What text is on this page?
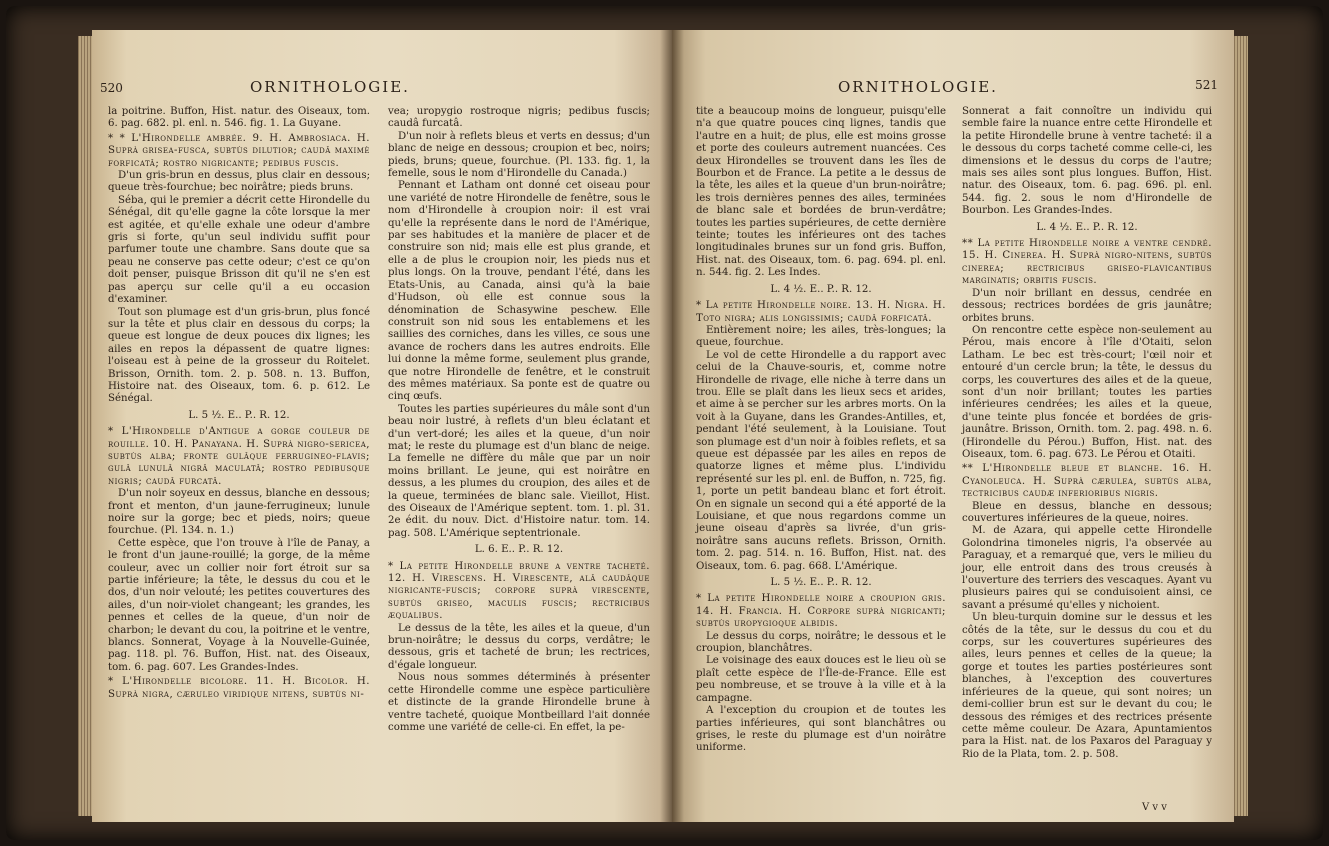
520	ORNITHOLOGIE.

la poitrine. Buffon, Hist. natur. des Oiseaux, tom. 6. pag. 682. pl. enl. n. 546. fig. 1. La Guyane.

* * L'Hirondelle ambrée. 9. H. Ambrosiaca. H. Suprà grisea-fusca, subtùs dilutior; caudâ maximè forficatâ; rostro nigricante; pedibus fuscis.

D'un gris-brun en dessus, plus clair en dessous; queue très-fourchue; bec noirâtre; pieds bruns.

Séba, qui le premier a décrit cette Hirondelle du Sénégal, dit qu'elle gagne la côte lorsque la mer est agitée, et qu'elle exhale une odeur d'ambre gris si forte, qu'un seul individu suffit pour parfumer toute une chambre. Sans doute que sa peau ne conserve pas cette odeur; c'est ce qu'on doit penser, puisque Brisson dit qu'il ne s'en est pas aperçu sur celle qu'il a eu occasion d'examiner.

Tout son plumage est d'un gris-brun, plus foncé sur la tête et plus clair en dessous du corps; la queue est longue de deux pouces dix lignes; les ailes en repos la dépassent de quatre lignes: l'oiseau est à peine de la grosseur du Roitelet. Brisson, Ornith. tom. 2. p. 508. n. 13. Buffon, Histoire nat. des Oiseaux, tom. 6. p. 612. Le Sénégal.

L. 5 ½. E.. P.. R. 12.

* L'Hirondelle d'Antigue a gorge couleur de rouille. 10. H. Panayana. H. Suprà nigro-sericea, subtùs alba; fronte gulâque ferrugineo-flavis; gulâ lunulâ nigrâ maculatâ; rostro pedibusque nigris; caudâ furcatâ.

D'un noir soyeux en dessus, blanche en dessous; front et menton, d'un jaune-ferrugineux; lunule noire sur la gorge; bec et pieds, noirs; queue fourchue. (Pl. 134. n. 1.)

Cette espèce, que l'on trouve à l'île de Panay, a le front d'un jaune-rouillé; la gorge, de la même couleur, avec un collier noir fort étroit sur sa partie inférieure; la tête, le dessus du cou et le dos, d'un noir velouté; les petites couvertures des ailes, d'un noir-violet changeant; les grandes, les pennes et celles de la queue, d'un noir de charbon; le devant du cou, la poitrine et le ventre, blancs. Sonnerat, Voyage à la Nouvelle-Guinée, pag. 118. pl. 76. Buffon, Hist. nat. des Oiseaux, tom. 6. pag. 607. Les Grandes-Indes.

* L'Hirondelle bicolore. 11. H. Bicolor. H. Suprà nigra, cæruleo viridique nitens, subtùs ni-

vea; uropygio rostroque nigris; pedibus fuscis; caudâ furcatâ.

D'un noir à reflets bleus et verts en dessus; d'un blanc de neige en dessous; croupion et bec, noirs; pieds, bruns; queue, fourchue. (Pl. 133. fig. 1, la femelle, sous le nom d'Hirondelle du Canada.)

Pennant et Latham ont donné cet oiseau pour une variété de notre Hirondelle de fenêtre, sous le nom d'Hirondelle à croupion noir: il est vrai qu'elle la représente dans le nord de l'Amérique, par ses habitudes et la manière de placer et de construire son nid; mais elle est plus grande, et elle a de plus le croupion noir, les pieds nus et plus longs. On la trouve, pendant l'été, dans les Etats-Unis, au Canada, ainsi qu'à la baie d'Hudson, où elle est connue sous la dénomination de Schasywine peschew. Elle construit son nid sous les entablemens et les saillies des corniches, dans les villes, ce sous une avance de rochers dans les autres endroits. Elle lui donne la même forme, seulement plus grande, que notre Hirondelle de fenêtre, et le construit des mêmes matériaux. Sa ponte est de quatre ou cinq œufs.

Toutes les parties supérieures du mâle sont d'un beau noir lustré, à reflets d'un bleu éclatant et d'un vert-doré; les ailes et la queue, d'un noir mat; le reste du plumage est d'un blanc de neige. La femelle ne diffère du mâle que par un noir moins brillant. Le jeune, qui est noirâtre en dessus, a les plumes du croupion, des ailes et de la queue, terminées de blanc sale. Vieillot, Hist. des Oiseaux de l'Amérique septent. tom. 1. pl. 31. 2e édit. du nouv. Dict. d'Histoire natur. tom. 14. pag. 508. L'Amérique septentrionale.

L. 6. E.. P.. R. 12.

* La petite Hirondelle brune a ventre tacheté. 12. H. Virescens. H. Virescente, alâ caudâque nigricante-fuscis; corpore suprà virescente, subtùs griseo, maculis fuscis; rectricibus æqualibus.

Le dessus de la tête, les ailes et la queue, d'un brun-noirâtre; le dessus du corps, verdâtre; le dessous, gris et tacheté de brun; les rectrices, d'égale longueur.

Nous nous sommes déterminés à présenter cette Hirondelle comme une espèce particulière et distincte de la grande Hirondelle brune à ventre tacheté, quoique Montbeillard l'ait donnée comme une variété de celle-ci. En effet, la pe-

ORNITHOLOGIE.	521

tite a beaucoup moins de longueur, puisqu'elle n'a que quatre pouces cinq lignes, tandis que l'autre en a huit; de plus, elle est moins grosse et porte des couleurs autrement nuancées. Ces deux Hirondelles se trouvent dans les îles de Bourbon et de France. La petite a le dessus de la tête, les ailes et la queue d'un brun-noirâtre; les trois dernières pennes des ailes, terminées de blanc sale et bordées de brun-verdâtre; toutes les parties supérieures, de cette dernière teinte; toutes les inférieures ont des taches longitudinales brunes sur un fond gris. Buffon, Hist. nat. des Oiseaux, tom. 6. pag. 694. pl. enl. n. 544. fig. 2. Les Indes.

L. 4 ½. E.. P.. R. 12.

* La petite Hirondelle noire. 13. H. Nigra. H. Toto nigra; alis longissimis; caudâ forficatâ.

Entièrement noire; les ailes, très-longues; la queue, fourchue.

Le vol de cette Hirondelle a du rapport avec celui de la Chauve-souris, et, comme notre Hirondelle de rivage, elle niche à terre dans un trou. Elle se plaît dans les lieux secs et arides, et aime à se percher sur les arbres morts. On la voit à la Guyane, dans les Grandes-Antilles, et, pendant l'été seulement, à la Louisiane. Tout son plumage est d'un noir à foibles reflets, et sa queue est dépassée par les ailes en repos de quatorze lignes et même plus. L'individu représenté sur les pl. enl. de Buffon, n. 725, fig. 1, porte un petit bandeau blanc et fort étroit. On en signale un second qui a été apporté de la Louisiane, et que nous regardons comme un jeune oiseau d'après sa livrée, d'un gris-noirâtre sans aucuns reflets. Brisson, Ornith. tom. 2. pag. 514. n. 16. Buffon, Hist. nat. des Oiseaux, tom. 6. pag. 668. L'Amérique.

L. 5 ½. E.. P.. R. 12.

* La petite Hirondelle noire a croupion gris. 14. H. Francia. H. Corpore suprà nigricanti; subtùs uropygioque albidis.

Le dessus du corps, noirâtre; le dessous et le croupion, blanchâtres.

Le voisinage des eaux douces est le lieu où se plaît cette espèce de l'Île-de-France. Elle est peu nombreuse, et se trouve à la ville et à la campagne.

A l'exception du croupion et de toutes les parties inférieures, qui sont blanchâtres ou grises, le reste du plumage est d'un noirâtre uniforme.

Sonnerat a fait connoître un individu qui semble faire la nuance entre cette Hirondelle et la petite Hirondelle brune à ventre tacheté: il a le dessous du corps tacheté comme celle-ci, les dimensions et le dessus du corps de l'autre; mais ses ailes sont plus longues. Buffon, Hist. natur. des Oiseaux, tom. 6. pag. 696. pl. enl. 544. fig. 2. sous le nom d'Hirondelle de Bourbon. Les Grandes-Indes.

L. 4 ½. E.. P.. R. 12.

** La petite Hirondelle noire a ventre cendré. 15. H. Cinerea. H. Suprà nigro-nitens, subtùs cinerea; rectricibus griseo-flavicantibus marginatis; orbitis fuscis.

D'un noir brillant en dessus, cendrée en dessous; rectrices bordées de gris jaunâtre; orbites bruns.

On rencontre cette espèce non-seulement au Pérou, mais encore à l'île d'Otaiti, selon Latham. Le bec est très-court; l'œil noir et entouré d'un cercle brun; la tête, le dessus du corps, les couvertures des ailes et de la queue, sont d'un noir brillant; toutes les parties inférieures cendrées; les ailes et la queue, d'une teinte plus foncée et bordées de gris-jaunâtre. Brisson, Ornith. tom. 2. pag. 498. n. 6. (Hirondelle du Pérou.) Buffon, Hist. nat. des Oiseaux, tom. 6. pag. 673. Le Pérou et Otaiti.

** L'Hirondelle bleue et blanche. 16. H. Cyanoleuca. H. Suprà cærulea, subtùs alba, tectricibus caudæ inferioribus nigris.

Bleue en dessus, blanche en dessous; couvertures inférieures de la queue, noires.

M. de Azara, qui appelle cette Hirondelle Golondrina timoneles nigris, l'a observée au Paraguay, et a remarqué que, vers le milieu du jour, elle entroit dans des trous creusés à l'ouverture des terriers des vescaques. Ayant vu plusieurs paires qui se conduisoient ainsi, ce savant a présumé qu'elles y nichoient.

Un bleu-turquin domine sur le dessus et les côtés de la tête, sur le dessus du cou et du corps, sur les couvertures supérieures des ailes, leurs pennes et celles de la queue; la gorge et toutes les parties postérieures sont blanches, à l'exception des couvertures inférieures de la queue, qui sont noires; un demi-collier brun est sur le devant du cou; le dessous des rémiges et des rectrices présente cette même couleur. De Azara, Apuntamientos para la Hist. nat. de los Paxaros del Paraguay y Rio de la Plata, tom. 2. p. 508.

V v v
